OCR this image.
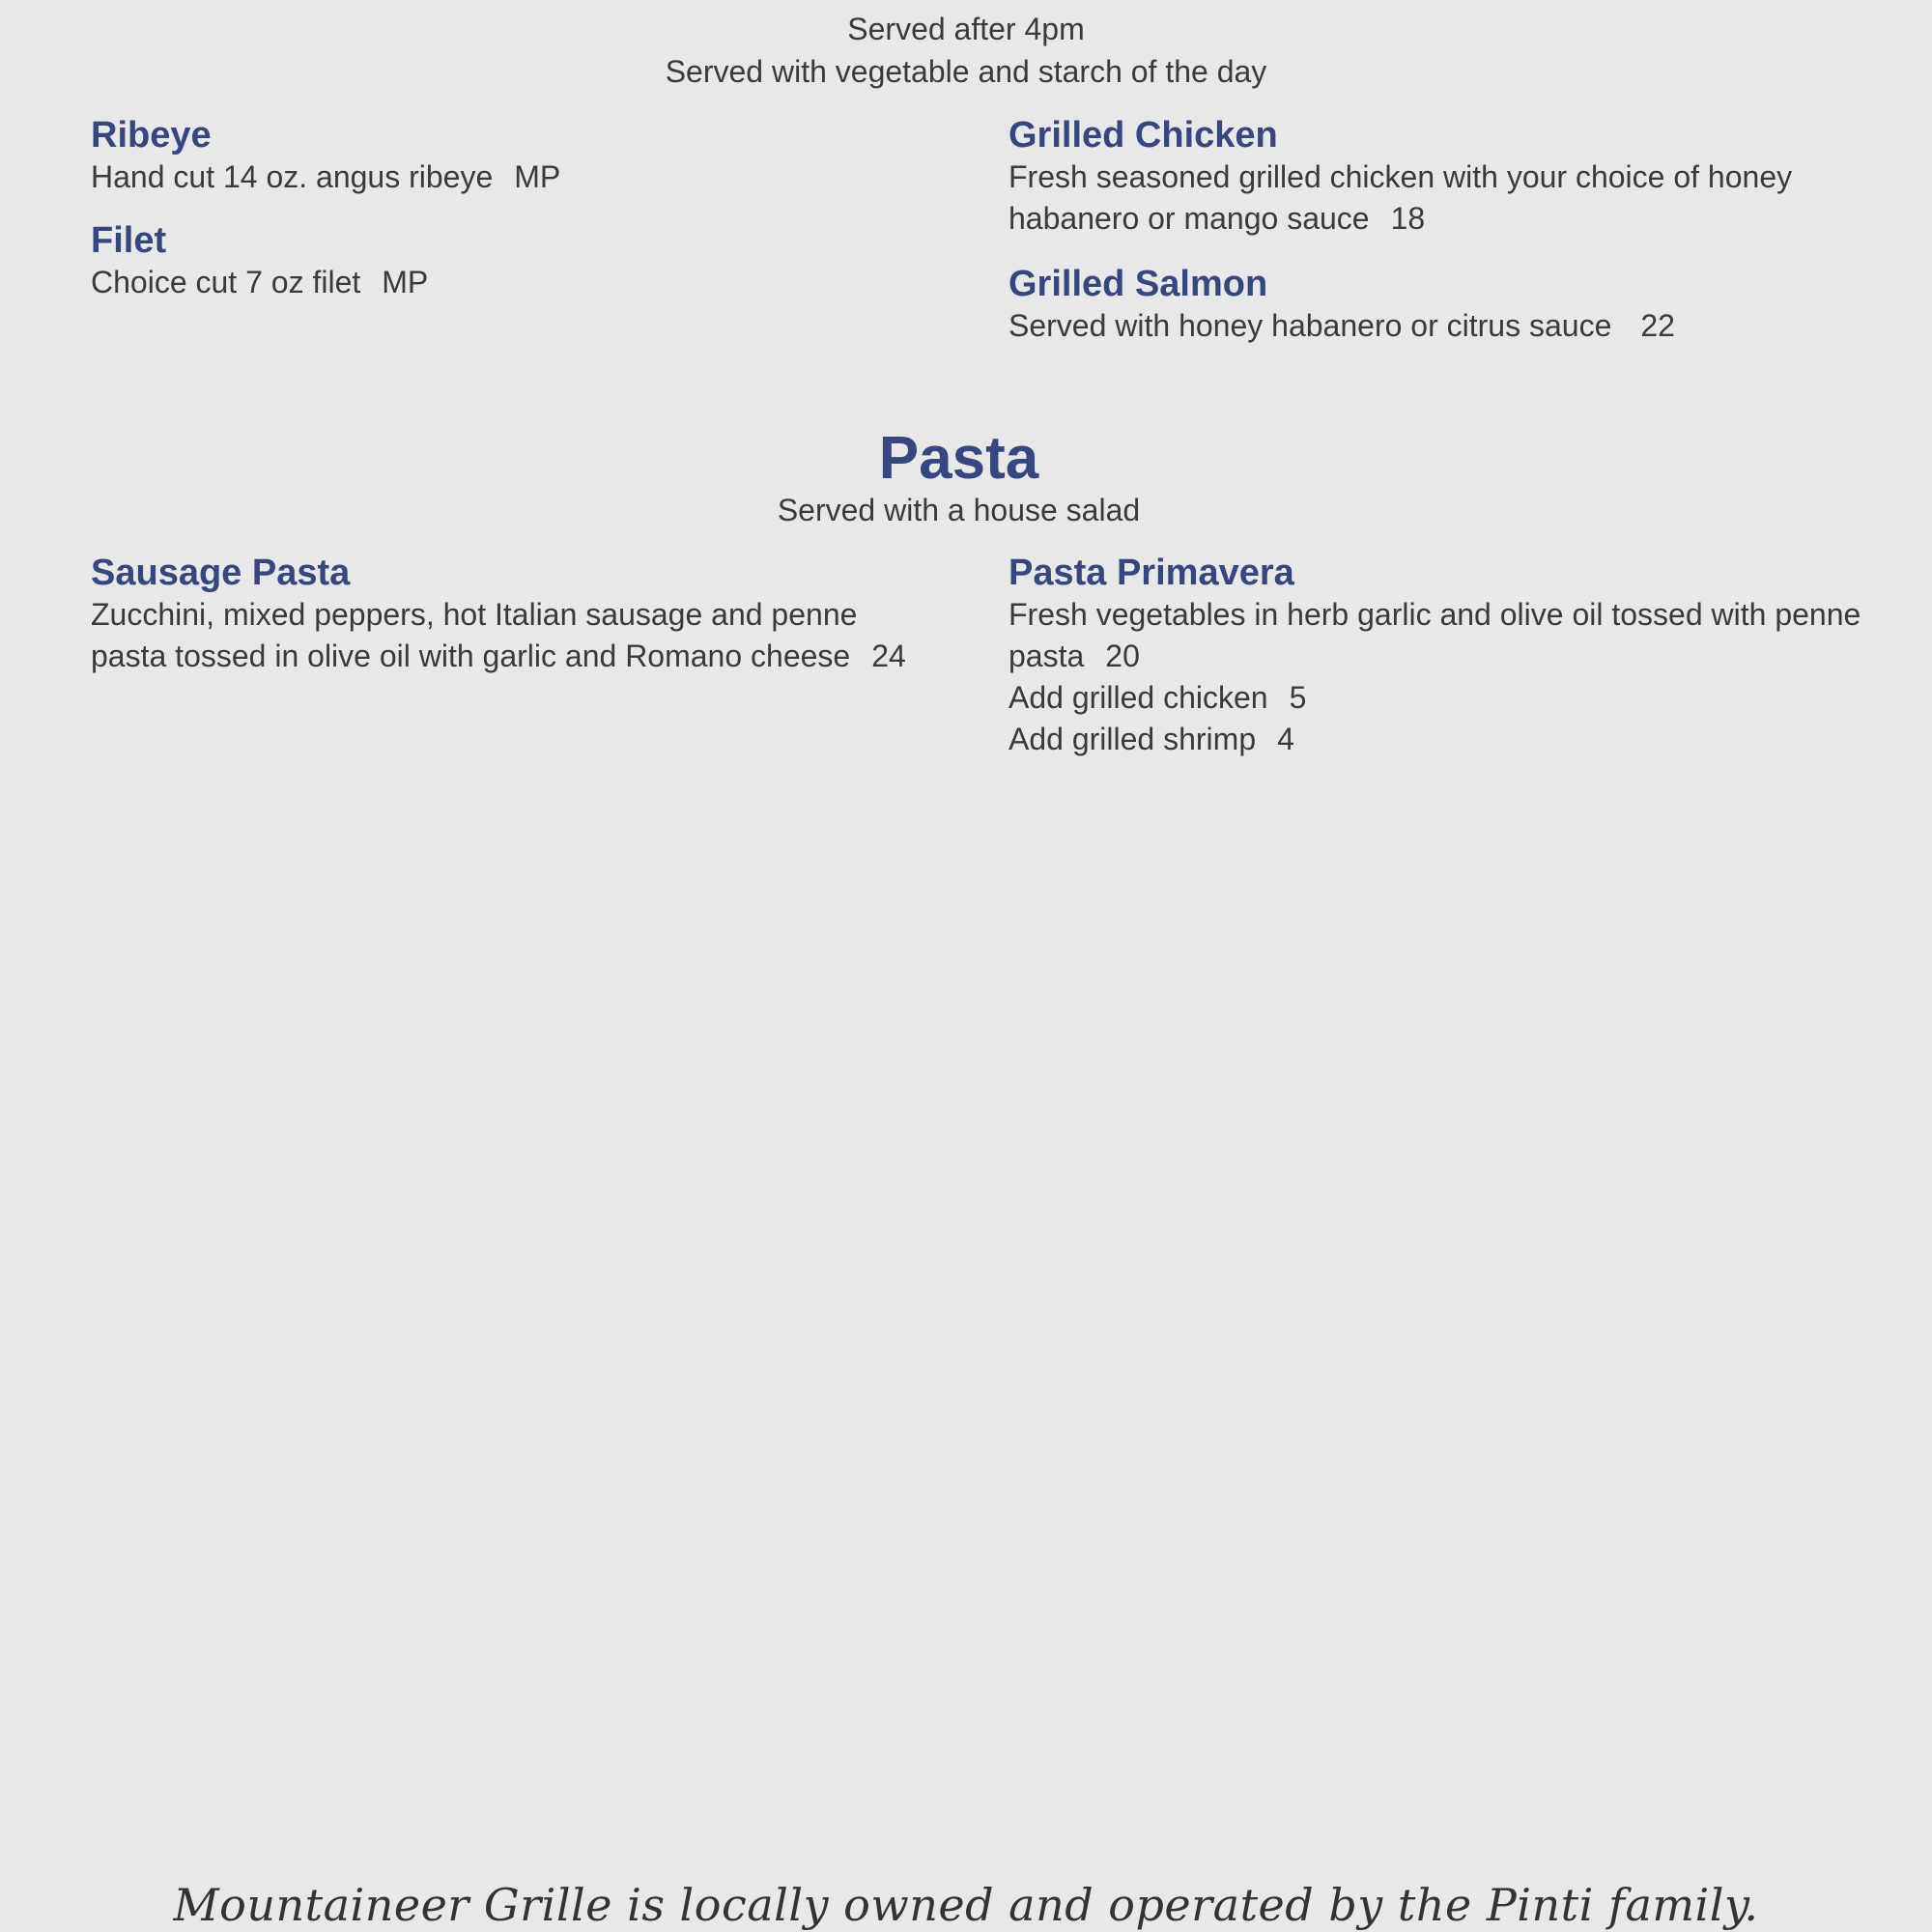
Served after 4pm
Served with vegetable and starch of the day
Ribeye
Hand cut 14 oz. angus ribeye MP
Filet
Choice cut 7 oz filet MP
Grilled Chicken
Fresh seasoned grilled chicken with your choice of honey habanero or mango sauce 18
Grilled Salmon
Served with honey habanero or citrus sauce 22
Pasta
Served with a house salad
Sausage Pasta
Zucchini, mixed peppers, hot Italian sausage and penne pasta tossed in olive oil with garlic and Romano cheese 24
Pasta Primavera
Fresh vegetables in herb garlic and olive oil tossed with penne pasta 20
Add grilled chicken 5
Add grilled shrimp 4
Mountaineer Grille is locally owned and operated by the Pinti family.
